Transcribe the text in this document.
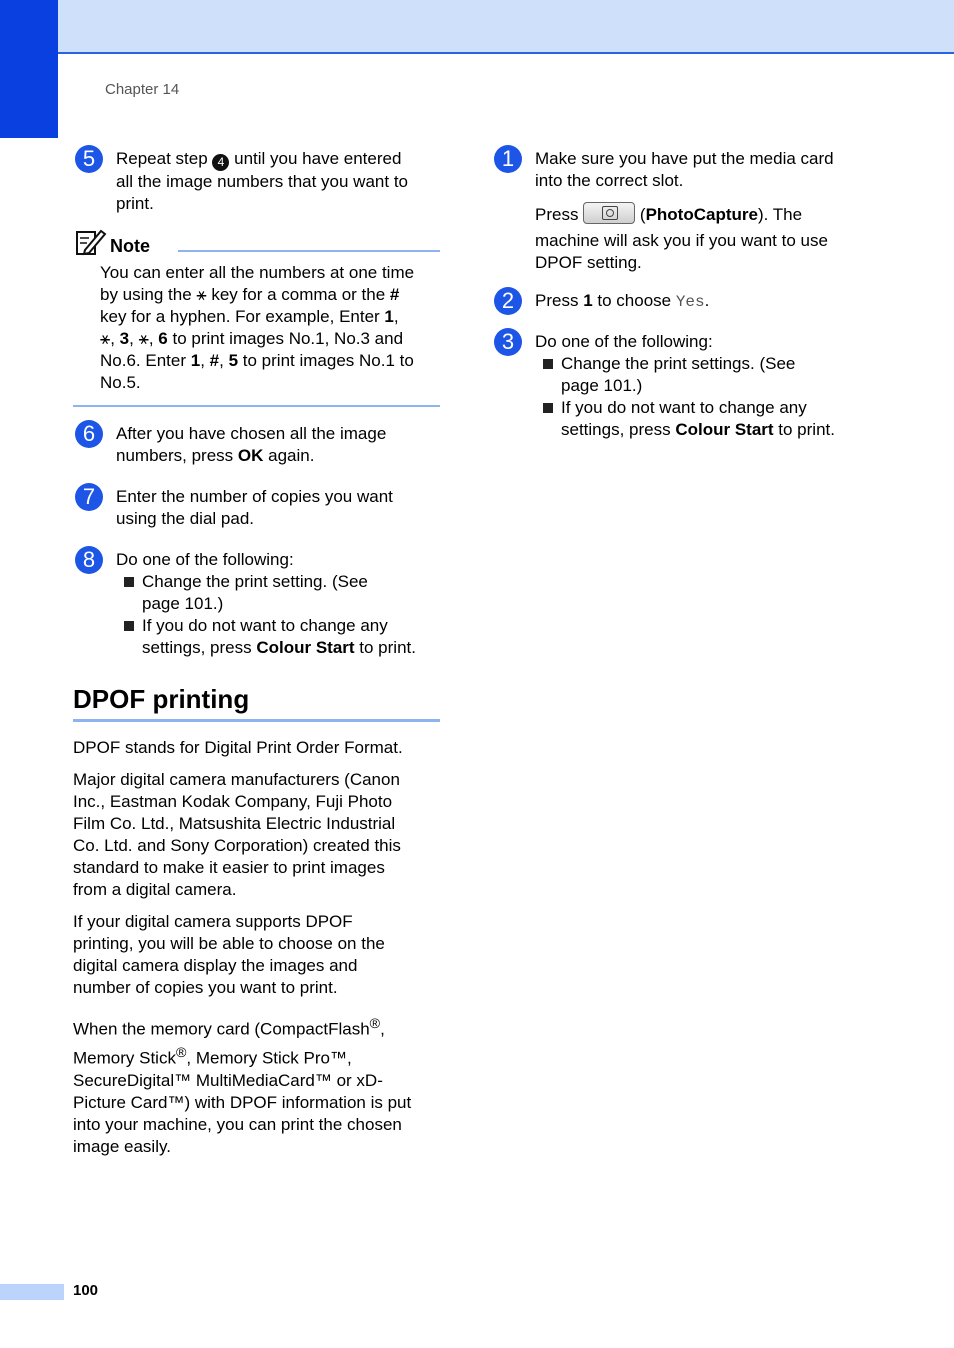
Chapter 14
5	Repeat step 4 until you have entered

all the image numbers that you want to

print.

Note
You can enter all the numbers at one time
by using the ⚹ key for a comma or the #
key for a hyphen. For example, Enter 1,
⚹, 3, ⚹, 6 to print images No.1, No.3 and
No.6. Enter 1, #, 5 to print images No.1 to
No.5.
6	After you have chosen all the image

numbers, press OK again.

7	Enter the number of copies you want

using the dial pad.

8	Do one of the following:

Change the print setting. (See
page 101.)
If you do not want to change any
settings, press Colour Start to print.
DPOF printing

DPOF stands for Digital Print Order Format.

Major digital camera manufacturers (Canon
Inc., Eastman Kodak Company, Fuji Photo
Film Co. Ltd., Matsushita Electric Industrial
Co. Ltd. and Sony Corporation) created this
standard to make it easier to print images
from a digital camera.
If your digital camera supports DPOF
printing, you will be able to choose on the
digital camera display the images and
number of copies you want to print.
When the memory card (CompactFlash®,
Memory Stick®, Memory Stick Pro™,
SecureDigital™ MultiMediaCard™ or xD-
Picture Card™) with DPOF information is put
into your machine, you can print the chosen
image easily.
1	Make sure you have put the media card

into the correct slot.

Press	(PhotoCapture). The

machine will ask you if you want to use

DPOF setting.

2	Press 1 to choose Yes.

3	Do one of the following:

Change the print settings. (See
page 101.)
If you do not want to change any
settings, press Colour Start to print.
100
